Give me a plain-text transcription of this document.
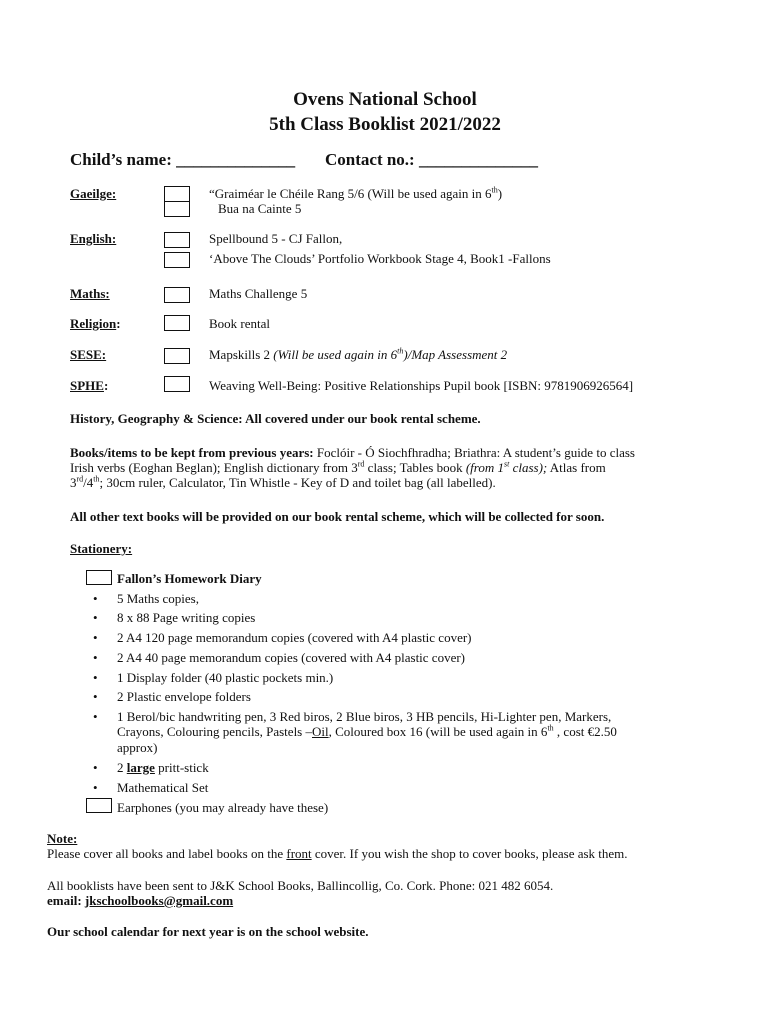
Ovens National School
5th Class Booklist 2021/2022
Child’s name: ______________ Contact no.: ______________
Gaeilge:	“Graiméar le Chéile Rang 5/6 (Will be used again in 6th)
Bua na Cainte 5
English:	Spellbound 5 - CJ Fallon,
‘Above The Clouds’ Portfolio Workbook Stage 4, Book1 -Fallons
Maths:	Maths Challenge 5
Religion:	Book rental
SESE:	Mapskills 2 (Will be used again in 6th)/Map Assessment 2
SPHE:	Weaving Well-Being: Positive Relationships Pupil book [ISBN: 9781906926564]
History, Geography & Science: All covered under our book rental scheme.
Books/items to be kept from previous years: Foclóir - Ó Siochfhradha; Briathra: A student’s guide to class
Irish verbs (Eoghan Beglan); English dictionary from 3rd class; Tables book (from 1st class); Atlas from
3rd/4th; 30cm ruler, Calculator, Tin Whistle - Key of D and toilet bag (all labelled).
All other text books will be provided on our book rental scheme, which will be collected for soon.
Stationery:
Fallon’s Homework Diary
• 5 Maths copies,
• 8 x 88 Page writing copies
• 2 A4 120 page memorandum copies (covered with A4 plastic cover)
• 2 A4 40 page memorandum copies (covered with A4 plastic cover)
• 1 Display folder (40 plastic pockets min.)
• 2 Plastic envelope folders
• 1 Berol/bic handwriting pen, 3 Red biros, 2 Blue biros, 3 HB pencils, Hi-Lighter pen, Markers,
Crayons, Colouring pencils, Pastels –Oil, Coloured box 16 (will be used again in 6th , cost €2.50
approx)
• 2 large pritt-stick
• Mathematical Set
Earphones (you may already have these)
Note:
Please cover all books and label books on the front cover. If you wish the shop to cover books, please ask them.
All booklists have been sent to J&K School Books, Ballincollig, Co. Cork. Phone: 021 482 6054.
email: jkschoolbooks@gmail.com
Our school calendar for next year is on the school website.
